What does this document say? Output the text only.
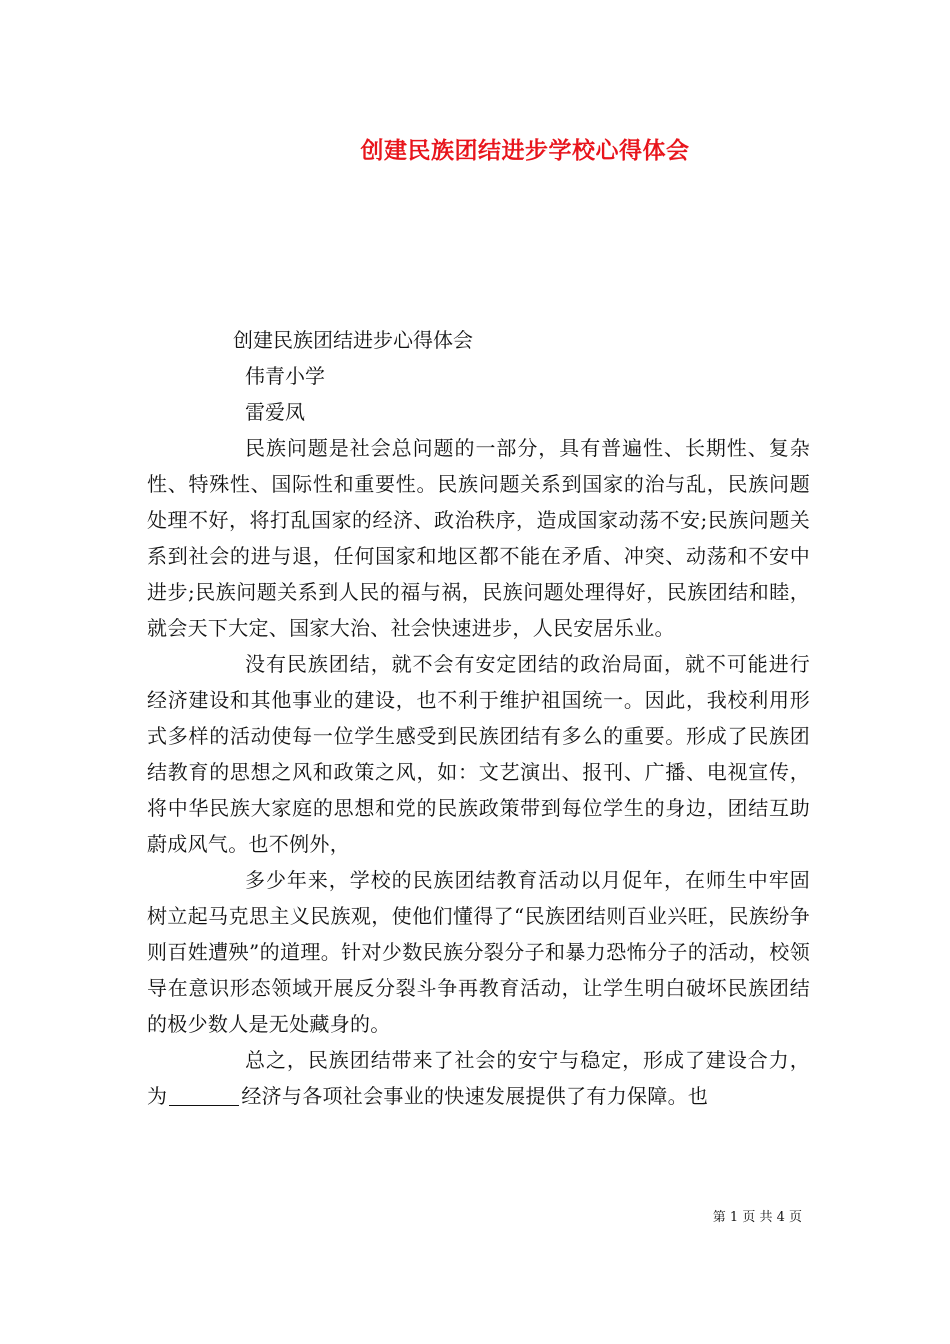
创建民族团结进步学校心得体会
创建民族团结进步心得体会
伟青小学
雷爱凤

民族问题是社会总问题的一部分，具有普遍性、长期性、复杂性、特殊性、国际性和重要性。民族问题关系到国家的治与乱，民族问题处理不好，将打乱国家的经济、政治秩序，造成国家动荡不安;民族问题关系到社会的进与退，任何国家和地区都不能在矛盾、冲突、动荡和不安中进步;民族问题关系到人民的福与祸，民族问题处理得好，民族团结和睦，就会天下大定、国家大治、社会快速进步，人民安居乐业。

没有民族团结，就不会有安定团结的政治局面，就不可能进行经济建设和其他事业的建设，也不利于维护祖国统一。因此，我校利用形式多样的活动使每一位学生感受到民族团结有多么的重要。形成了民族团结教育的思想之风和政策之风，如：文艺演出、报刊、广播、电视宣传，将中华民族大家庭的思想和党的民族政策带到每位学生的身边，团结互助蔚成风气。也不例外，

多少年来，学校的民族团结教育活动以月促年，在师生中牢固树立起马克思主义民族观，使他们懂得了“民族团结则百业兴旺，民族纷争则百姓遭殃”的道理。针对少数民族分裂分子和暴力恐怖分子的活动，校领导在意识形态领域开展反分裂斗争再教育活动，让学生明白破坏民族团结的极少数人是无处藏身的。

总之，民族团结带来了社会的安宁与稳定，形成了建设合力，为	经济与各项社会事业的快速发展提供了有力保障。也

第 1 页 共 4 页
